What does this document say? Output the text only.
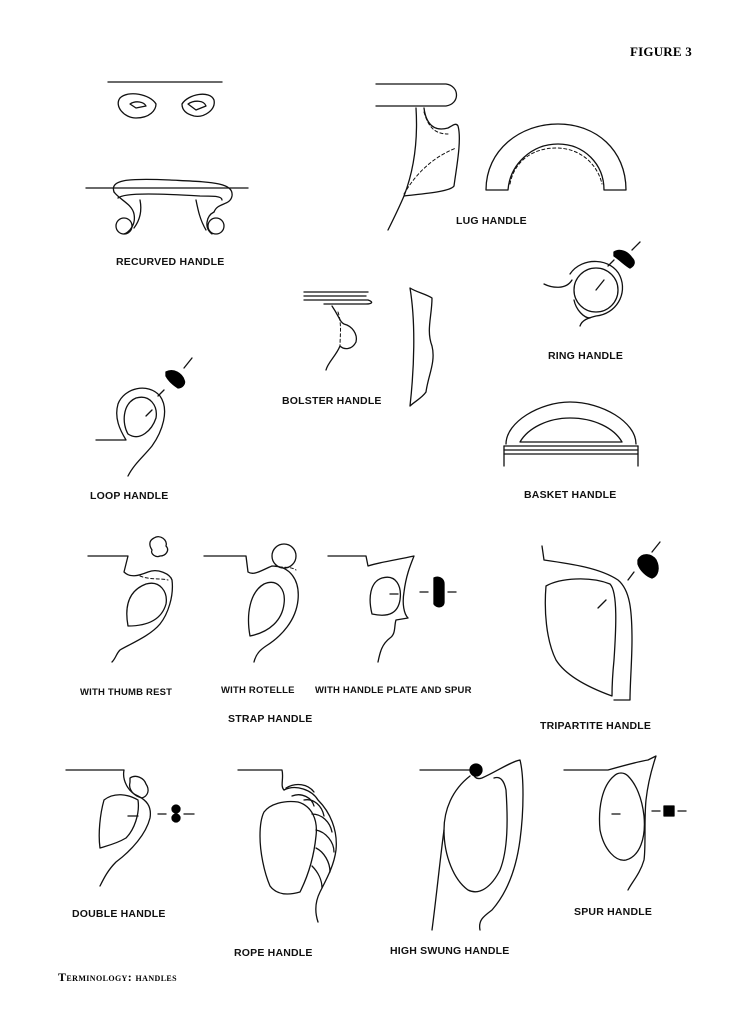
FIGURE 3
RECURVED HANDLE
LUG HANDLE
RING HANDLE
BOLSTER HANDLE
LOOP HANDLE	BASKET HANDLE
WITH THUMB REST	WITH ROTELLE WITH HANDLE PLATE AND SPUR
STRAP HANDLE
TRIPARTITE HANDLE
DOUBLE HANDLE
ROPE HANDLE	HIGH SWUNG HANDLE
SPUR HANDLE
Terminology: handles
